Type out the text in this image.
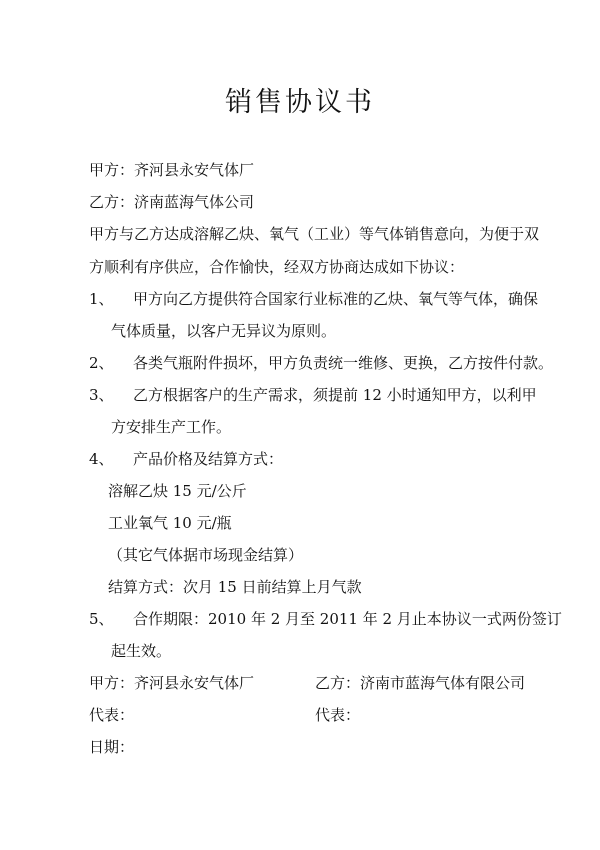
销售协议书
甲方：齐河县永安气体厂
乙方：济南蓝海气体公司
甲方与乙方达成溶解乙炔、氧气（工业）等气体销售意向，为便于双
方顺利有序供应，合作愉快，经双方协商达成如下协议：
1、 甲方向乙方提供符合国家行业标准的乙炔、氧气等气体，确保
气体质量，以客户无异议为原则。
2、 各类气瓶附件损坏，甲方负责统一维修、更换，乙方按件付款。
3、 乙方根据客户的生产需求，须提前 12 小时通知甲方，以利甲
方安排生产工作。
4、 产品价格及结算方式：
溶解乙炔 15 元/公斤
工业氧气 10 元/瓶
（其它气体据市场现金结算）
结算方式：次月 15 日前结算上月气款
5、 合作期限：2010 年 2 月至 2011 年 2 月止本协议一式两份签订
起生效。
甲方：齐河县永安气体厂	乙方：济南市蓝海气体有限公司
代表：	代表：
日期：
